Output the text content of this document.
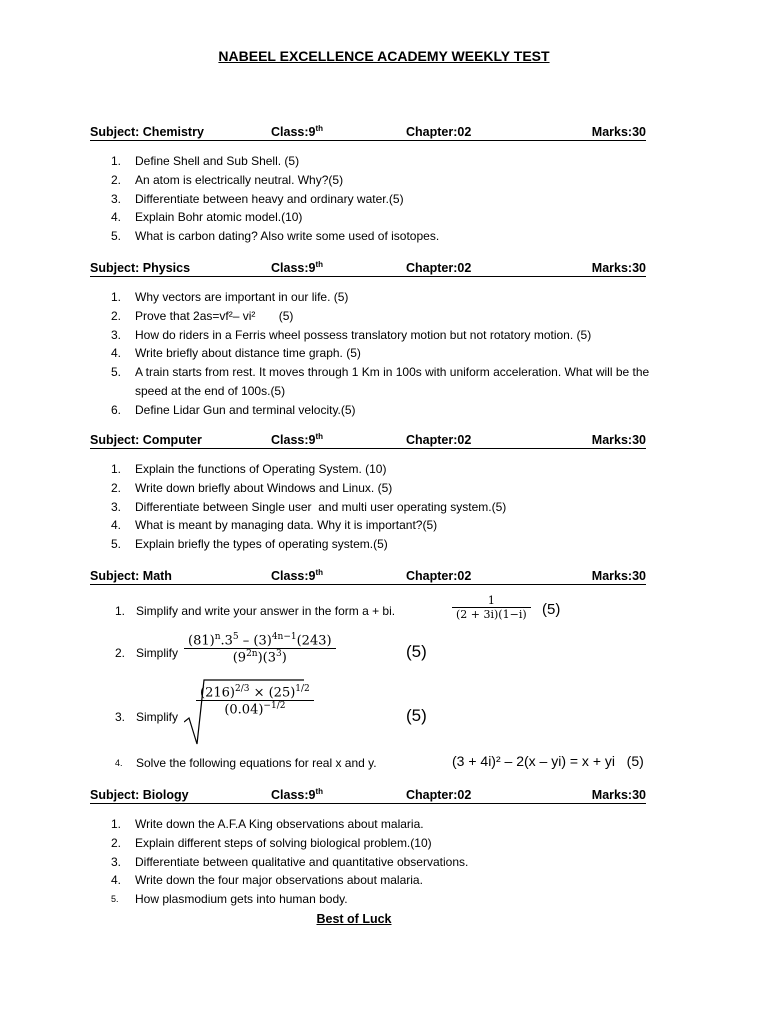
NABEEL EXCELLENCE ACADEMY WEEKLY TEST
Subject: Chemistry	Class:9th	Chapter:02	Marks:30
1. Define Shell and Sub Shell. (5)
2. An atom is electrically neutral. Why?(5)
3. Differentiate between heavy and ordinary water.(5)
4. Explain Bohr atomic model.(10)
5. What is carbon dating? Also write some used of isotopes.
Subject: Physics	Class:9th	Chapter:02	Marks:30
1. Why vectors are important in our life. (5)
2. Prove that 2as=vf²– vi²       (5)
3. How do riders in a Ferris wheel possess translatory motion but not rotatory motion. (5)
4. Write briefly about distance time graph. (5)
5. A train starts from rest. It moves through 1 Km in 100s with uniform acceleration. What will be the speed at the end of 100s.(5)
6. Define Lidar Gun and terminal velocity.(5)
Subject: Computer	Class:9th	Chapter:02	Marks:30
1. Explain the functions of Operating System. (10)
2. Write down briefly about Windows and Linux. (5)
3. Differentiate between Single user  and multi user operating system.(5)
4. What is meant by managing data. Why it is important?(5)
5. Explain briefly the types of operating system.(5)
Subject: Math	Class:9th	Chapter:02	Marks:30
1. Simplify and write your answer in the form a + bi.	$\frac{1}{(2 + 3i)(1-i)} (5)$
2. Simplify $\frac{(81)^n.3^5 - (3)^{4n-1}(243)}{(9^{2n})(3^3)}$	(5)
3. Simplify $\frac{(216)^{2/3} \times (25)^{1/2}}{(0.04)^{-1/2}}$	(5)
4. Solve the following equations for real x and y.	(3 + 4i)² – 2(x – yi) = x + yi   (5)
Subject: Biology	Class:9th	Chapter:02	Marks:30
1. Write down the A.F.A King observations about malaria.
2. Explain different steps of solving biological problem.(10)
3. Differentiate between qualitative and quantitative observations.
4. Write down the four major observations about malaria.
5. How plasmodium gets into human body.
Best of Luck
